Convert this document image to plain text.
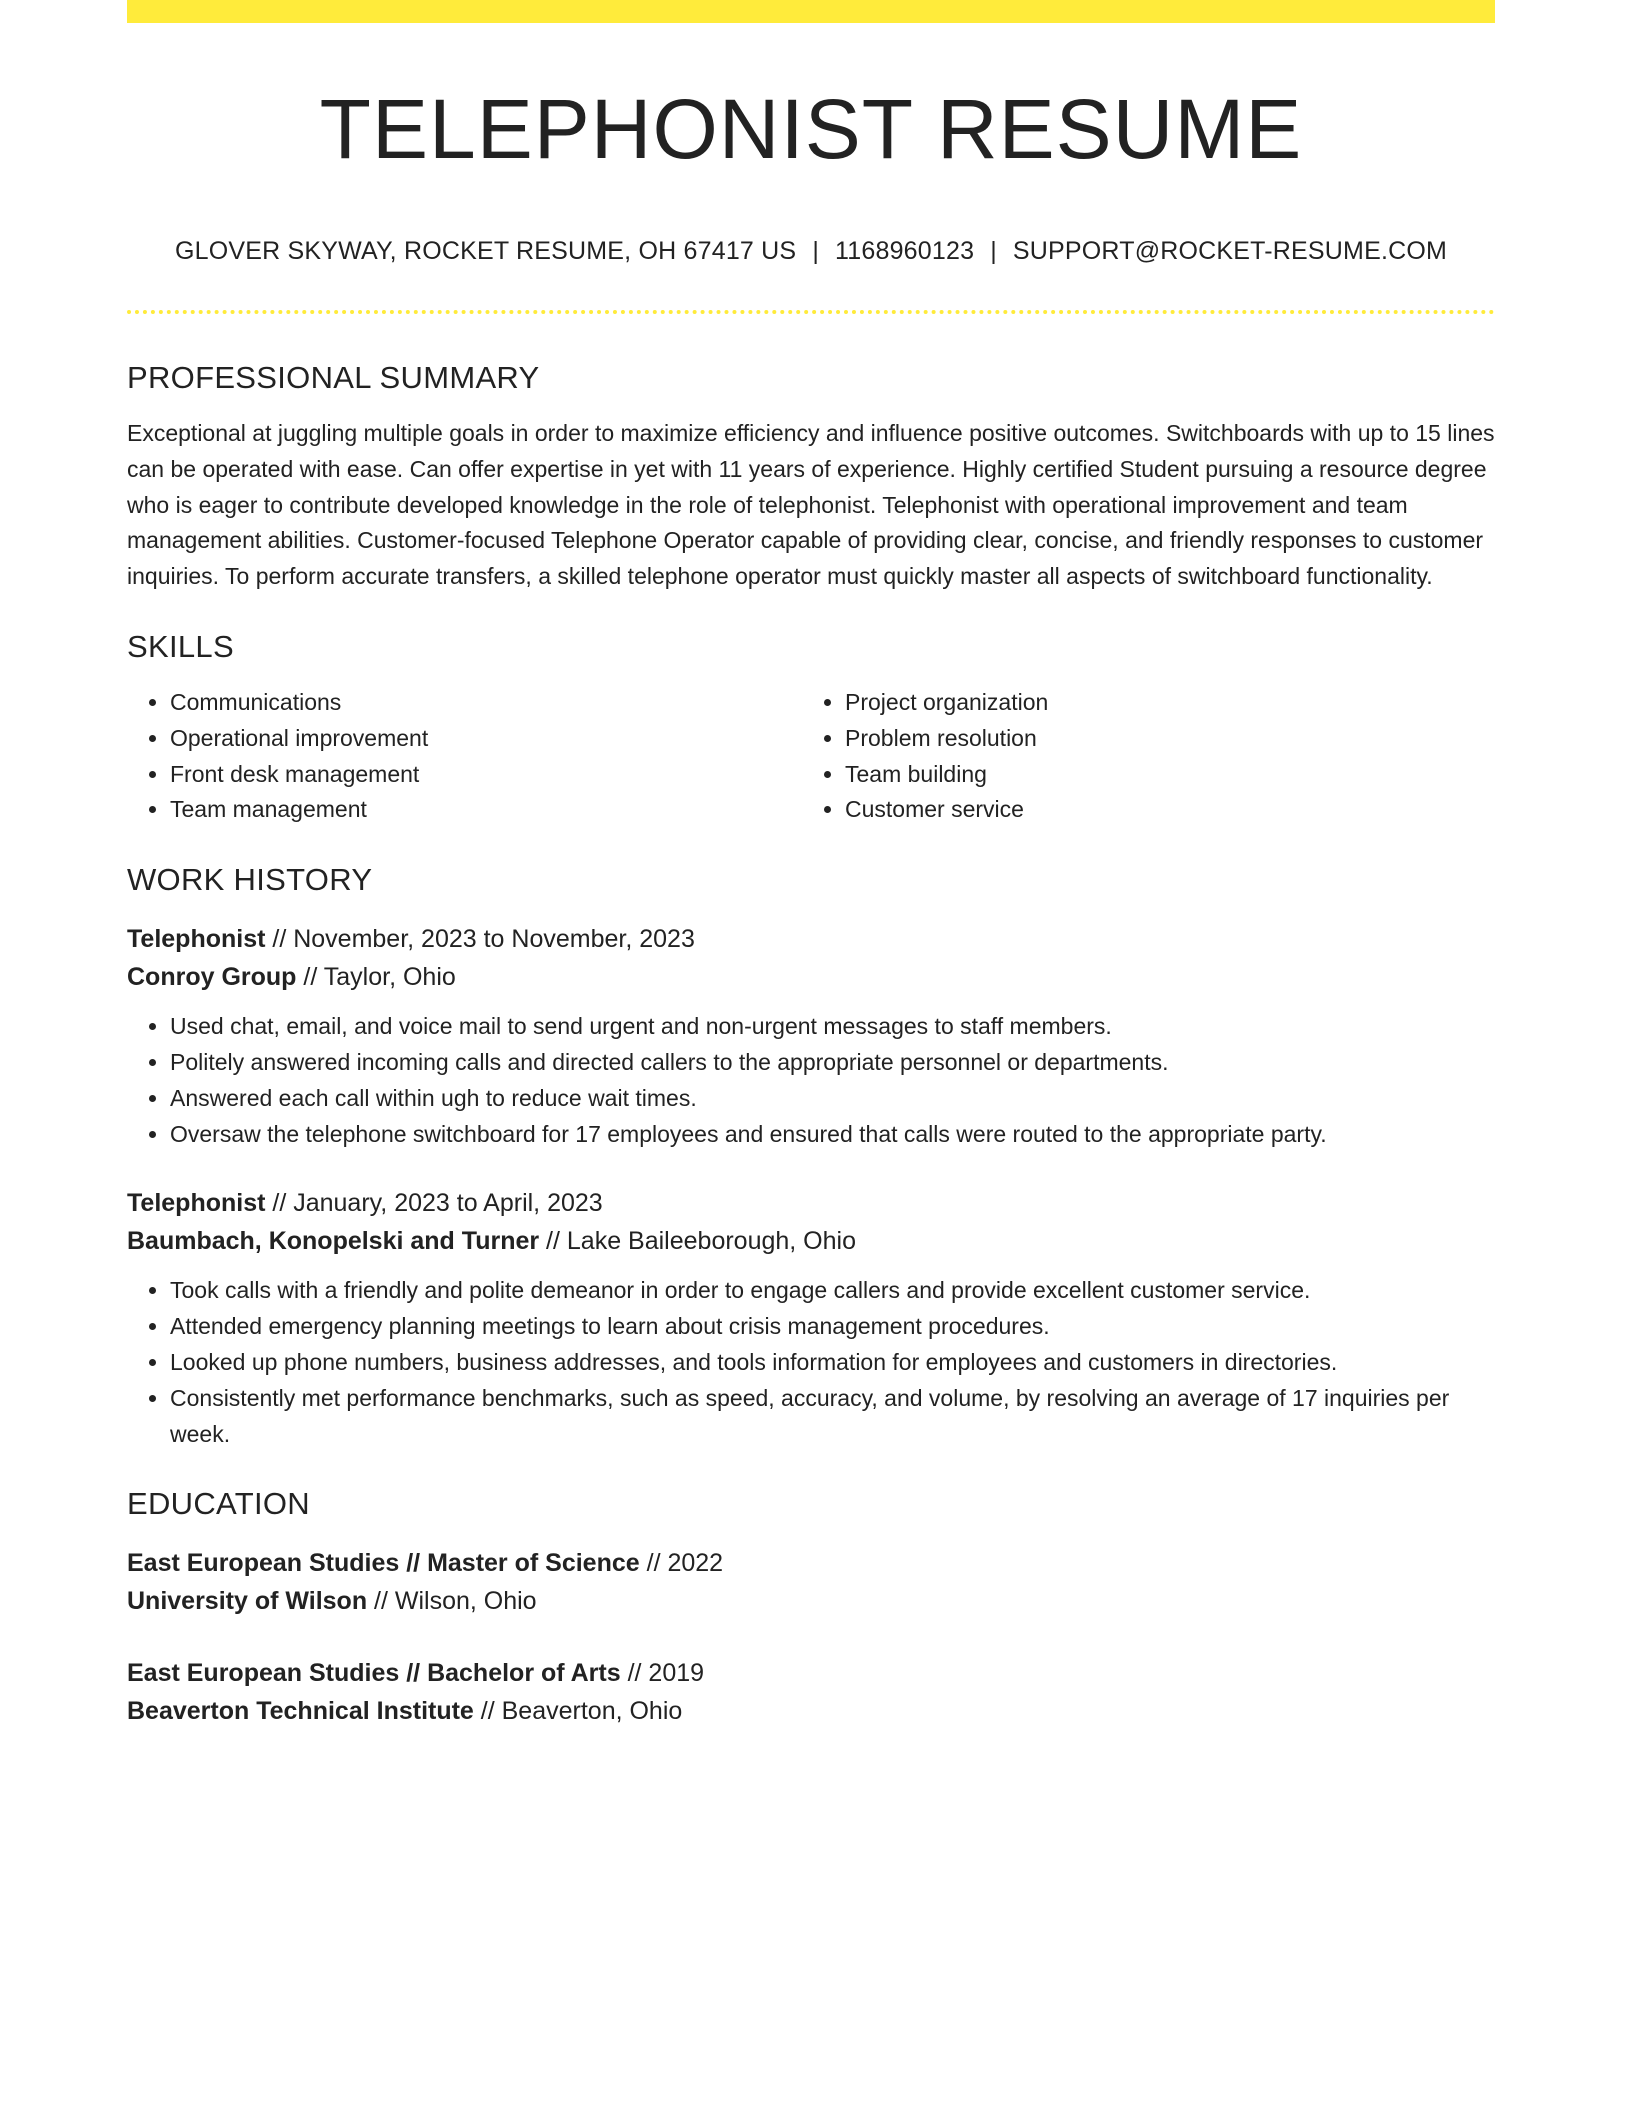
TELEPHONIST RESUME
GLOVER SKYWAY, ROCKET RESUME, OH 67417 US | 1168960123 | SUPPORT@ROCKET-RESUME.COM
PROFESSIONAL SUMMARY
Exceptional at juggling multiple goals in order to maximize efficiency and influence positive outcomes. Switchboards with up to 15 lines can be operated with ease. Can offer expertise in yet with 11 years of experience. Highly certified Student pursuing a resource degree who is eager to contribute developed knowledge in the role of telephonist. Telephonist with operational improvement and team management abilities. Customer-focused Telephone Operator capable of providing clear, concise, and friendly responses to customer inquiries. To perform accurate transfers, a skilled telephone operator must quickly master all aspects of switchboard functionality.
SKILLS
• Communications
• Operational improvement
• Front desk management
• Team management
• Project organization
• Problem resolution
• Team building
• Customer service
WORK HISTORY
Telephonist // November, 2023 to November, 2023
Conroy Group // Taylor, Ohio
• Used chat, email, and voice mail to send urgent and non-urgent messages to staff members.
• Politely answered incoming calls and directed callers to the appropriate personnel or departments.
• Answered each call within ugh to reduce wait times.
• Oversaw the telephone switchboard for 17 employees and ensured that calls were routed to the appropriate party.
Telephonist // January, 2023 to April, 2023
Baumbach, Konopelski and Turner // Lake Baileeborough, Ohio
• Took calls with a friendly and polite demeanor in order to engage callers and provide excellent customer service.
• Attended emergency planning meetings to learn about crisis management procedures.
• Looked up phone numbers, business addresses, and tools information for employees and customers in directories.
• Consistently met performance benchmarks, such as speed, accuracy, and volume, by resolving an average of 17 inquiries per week.
EDUCATION
East European Studies // Master of Science // 2022
University of Wilson // Wilson, Ohio
East European Studies // Bachelor of Arts // 2019
Beaverton Technical Institute // Beaverton, Ohio
